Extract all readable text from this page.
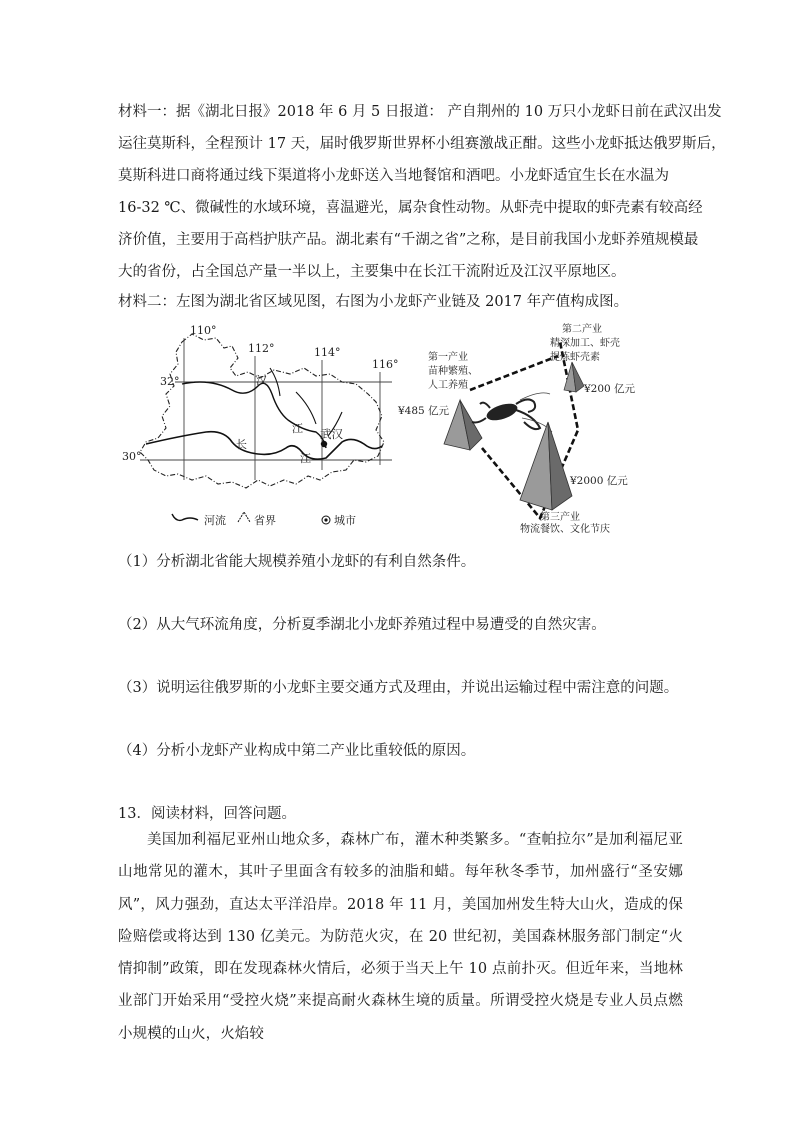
材料一：据《湖北日报》2018 年 6 月 5 日报道： 产自荆州的 10 万只小龙虾日前在武汉出发

运往莫斯科，全程预计 17 天，届时俄罗斯世界杯小组赛激战正酣。这些小龙虾抵达俄罗斯后，

莫斯科进口商将通过线下渠道将小龙虾送入当地餐馆和酒吧。小龙虾适宜生长在水温为

16-32 ℃、微碱性的水域环境，喜温避光，属杂食性动物。从虾壳中提取的虾壳素有较高经

济价值，主要用于高档护肤产品。湖北素有“千湖之省”之称，是目前我国小龙虾养殖规模最

大的省份，占全国总产量一半以上，主要集中在长江干流附近及江汉平原地区。

材料二：左图为湖北省区域见图，右图为小龙虾产业链及 2017 年产值构成图。

110°
112°	114°
116°
32°
30°
汉
江
长
江
武汉
河流	省界	城市
第一产业
苗种繁殖、
人工养殖
¥485 亿元
第二产业
精深加工、虾壳
提炼虾壳素
¥200 亿元
¥2000 亿元
第三产业
物流餐饮、文化节庆

（1）分析湖北省能大规模养殖小龙虾的有利自然条件。

（2）从大气环流角度，分析夏季湖北小龙虾养殖过程中易遭受的自然灾害。

（3）说明运往俄罗斯的小龙虾主要交通方式及理由，并说出运输过程中需注意的问题。

（4）分析小龙虾产业构成中第二产业比重较低的原因。

13．阅读材料，回答问题。

美国加利福尼亚州山地众多，森林广布，灌木种类繁多。“查帕拉尔”是加利福尼亚山地常见的灌木，其叶子里面含有较多的油脂和蜡。每年秋冬季节，加州盛行“圣安娜风”，风力强劲，直达太平洋沿岸。2018 年 11 月，美国加州发生特大山火，造成的保险赔偿或将达到 130 亿美元。为防范火灾，在 20 世纪初，美国森林服务部门制定“火情抑制”政策，即在发现森林火情后，必须于当天上午 10 点前扑灭。但近年来，当地林业部门开始采用“受控火烧”来提高耐火森林生境的质量。所谓受控火烧是专业人员点燃小规模的山火，火焰较
